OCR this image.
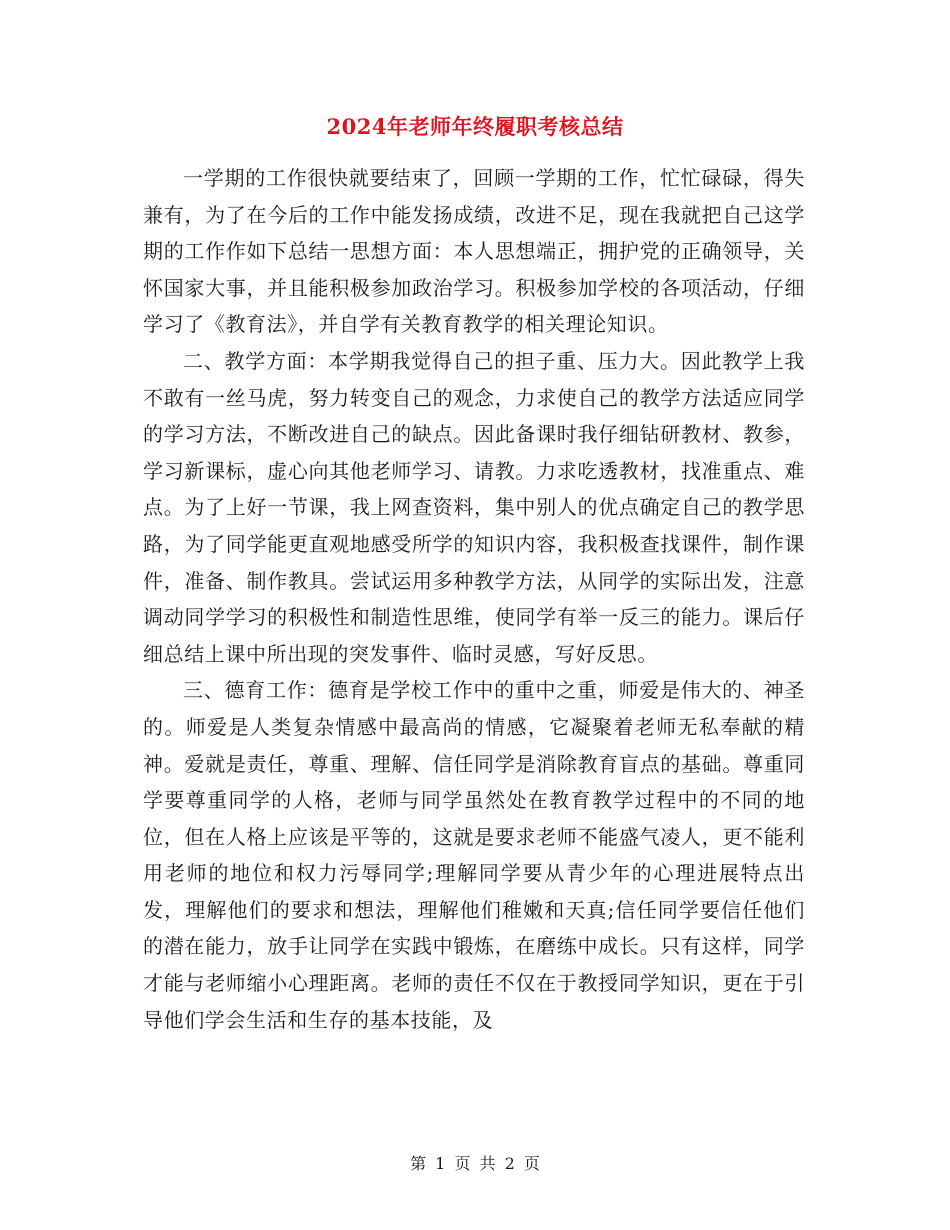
2024年老师年终履职考核总结

一学期的工作很快就要结束了，回顾一学期的工作，忙忙碌碌，得失兼有，为了在今后的工作中能发扬成绩，改进不足，现在我就把自己这学期的工作作如下总结一思想方面：本人思想端正，拥护党的正确领导，关怀国家大事，并且能积极参加政治学习。积极参加学校的各项活动，仔细学习了《教育法》，并自学有关教育教学的相关理论知识。

二、教学方面：本学期我觉得自己的担子重、压力大。因此教学上我不敢有一丝马虎，努力转变自己的观念，力求使自己的教学方法适应同学的学习方法，不断改进自己的缺点。因此备课时我仔细钻研教材、教参，学习新课标，虚心向其他老师学习、请教。力求吃透教材，找准重点、难点。为了上好一节课，我上网查资料，集中别人的优点确定自己的教学思路，为了同学能更直观地感受所学的知识内容，我积极查找课件，制作课件，准备、制作教具。尝试运用多种教学方法，从同学的实际出发，注意调动同学学习的积极性和制造性思维，使同学有举一反三的能力。课后仔细总结上课中所出现的突发事件、临时灵感，写好反思。

三、德育工作：德育是学校工作中的重中之重，师爱是伟大的、神圣的。师爱是人类复杂情感中最高尚的情感，它凝聚着老师无私奉献的精神。爱就是责任，尊重、理解、信任同学是消除教育盲点的基础。尊重同学要尊重同学的人格，老师与同学虽然处在教育教学过程中的不同的地位，但在人格上应该是平等的，这就是要求老师不能盛气凌人，更不能利用老师的地位和权力污辱同学;理解同学要从青少年的心理进展特点出发，理解他们的要求和想法，理解他们稚嫩和天真;信任同学要信任他们的潜在能力，放手让同学在实践中锻炼，在磨练中成长。只有这样，同学才能与老师缩小心理距离。老师的责任不仅在于教授同学知识，更在于引导他们学会生活和生存的基本技能，及

第 1 页 共 2 页
